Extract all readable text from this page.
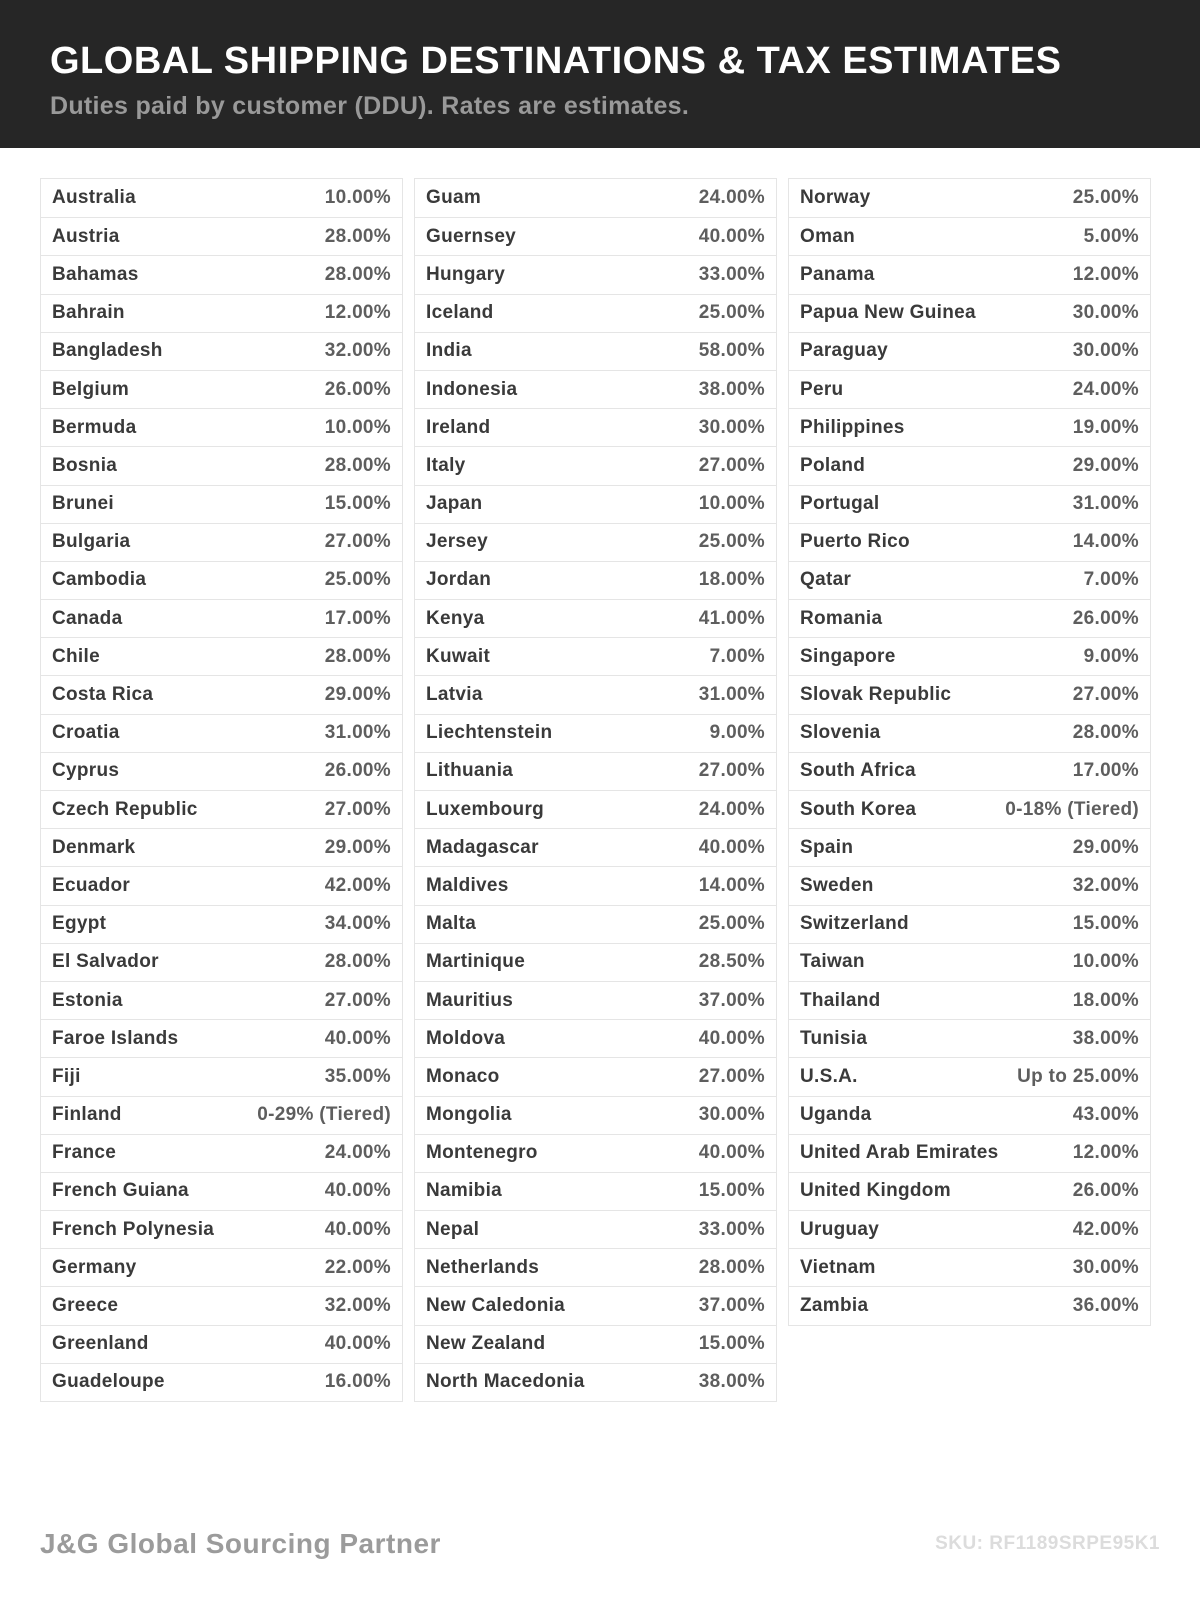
GLOBAL SHIPPING DESTINATIONS & TAX ESTIMATES
Duties paid by customer (DDU). Rates are estimates.
Australia	10.00%
Austria	28.00%
Bahamas	28.00%
Bahrain	12.00%
Bangladesh	32.00%
Belgium	26.00%
Bermuda	10.00%
Bosnia	28.00%
Brunei	15.00%
Bulgaria	27.00%
Cambodia	25.00%
Canada	17.00%
Chile	28.00%
Costa Rica	29.00%
Croatia	31.00%
Cyprus	26.00%
Czech Republic	27.00%
Denmark	29.00%
Ecuador	42.00%
Egypt	34.00%
El Salvador	28.00%
Estonia	27.00%
Faroe Islands	40.00%
Fiji	35.00%
Finland	0-29% (Tiered)
France	24.00%
French Guiana	40.00%
French Polynesia	40.00%
Germany	22.00%
Greece	32.00%
Greenland	40.00%
Guadeloupe	16.00%
Guam	24.00%
Guernsey	40.00%
Hungary	33.00%
Iceland	25.00%
India	58.00%
Indonesia	38.00%
Ireland	30.00%
Italy	27.00%
Japan	10.00%
Jersey	25.00%
Jordan	18.00%
Kenya	41.00%
Kuwait	7.00%
Latvia	31.00%
Liechtenstein	9.00%
Lithuania	27.00%
Luxembourg	24.00%
Madagascar	40.00%
Maldives	14.00%
Malta	25.00%
Martinique	28.50%
Mauritius	37.00%
Moldova	40.00%
Monaco	27.00%
Mongolia	30.00%
Montenegro	40.00%
Namibia	15.00%
Nepal	33.00%
Netherlands	28.00%
New Caledonia	37.00%
New Zealand	15.00%
North Macedonia	38.00%
Norway	25.00%
Oman	5.00%
Panama	12.00%
Papua New Guinea	30.00%
Paraguay	30.00%
Peru	24.00%
Philippines	19.00%
Poland	29.00%
Portugal	31.00%
Puerto Rico	14.00%
Qatar	7.00%
Romania	26.00%
Singapore	9.00%
Slovak Republic	27.00%
Slovenia	28.00%
South Africa	17.00%
South Korea	0-18% (Tiered)
Spain	29.00%
Sweden	32.00%
Switzerland	15.00%
Taiwan	10.00%
Thailand	18.00%
Tunisia	38.00%
U.S.A.	Up to 25.00%
Uganda	43.00%
United Arab Emirates	12.00%
United Kingdom	26.00%
Uruguay	42.00%
Vietnam	30.00%
Zambia	36.00%
J&G Global Sourcing Partner	SKU: RF1189SRPE95K1
